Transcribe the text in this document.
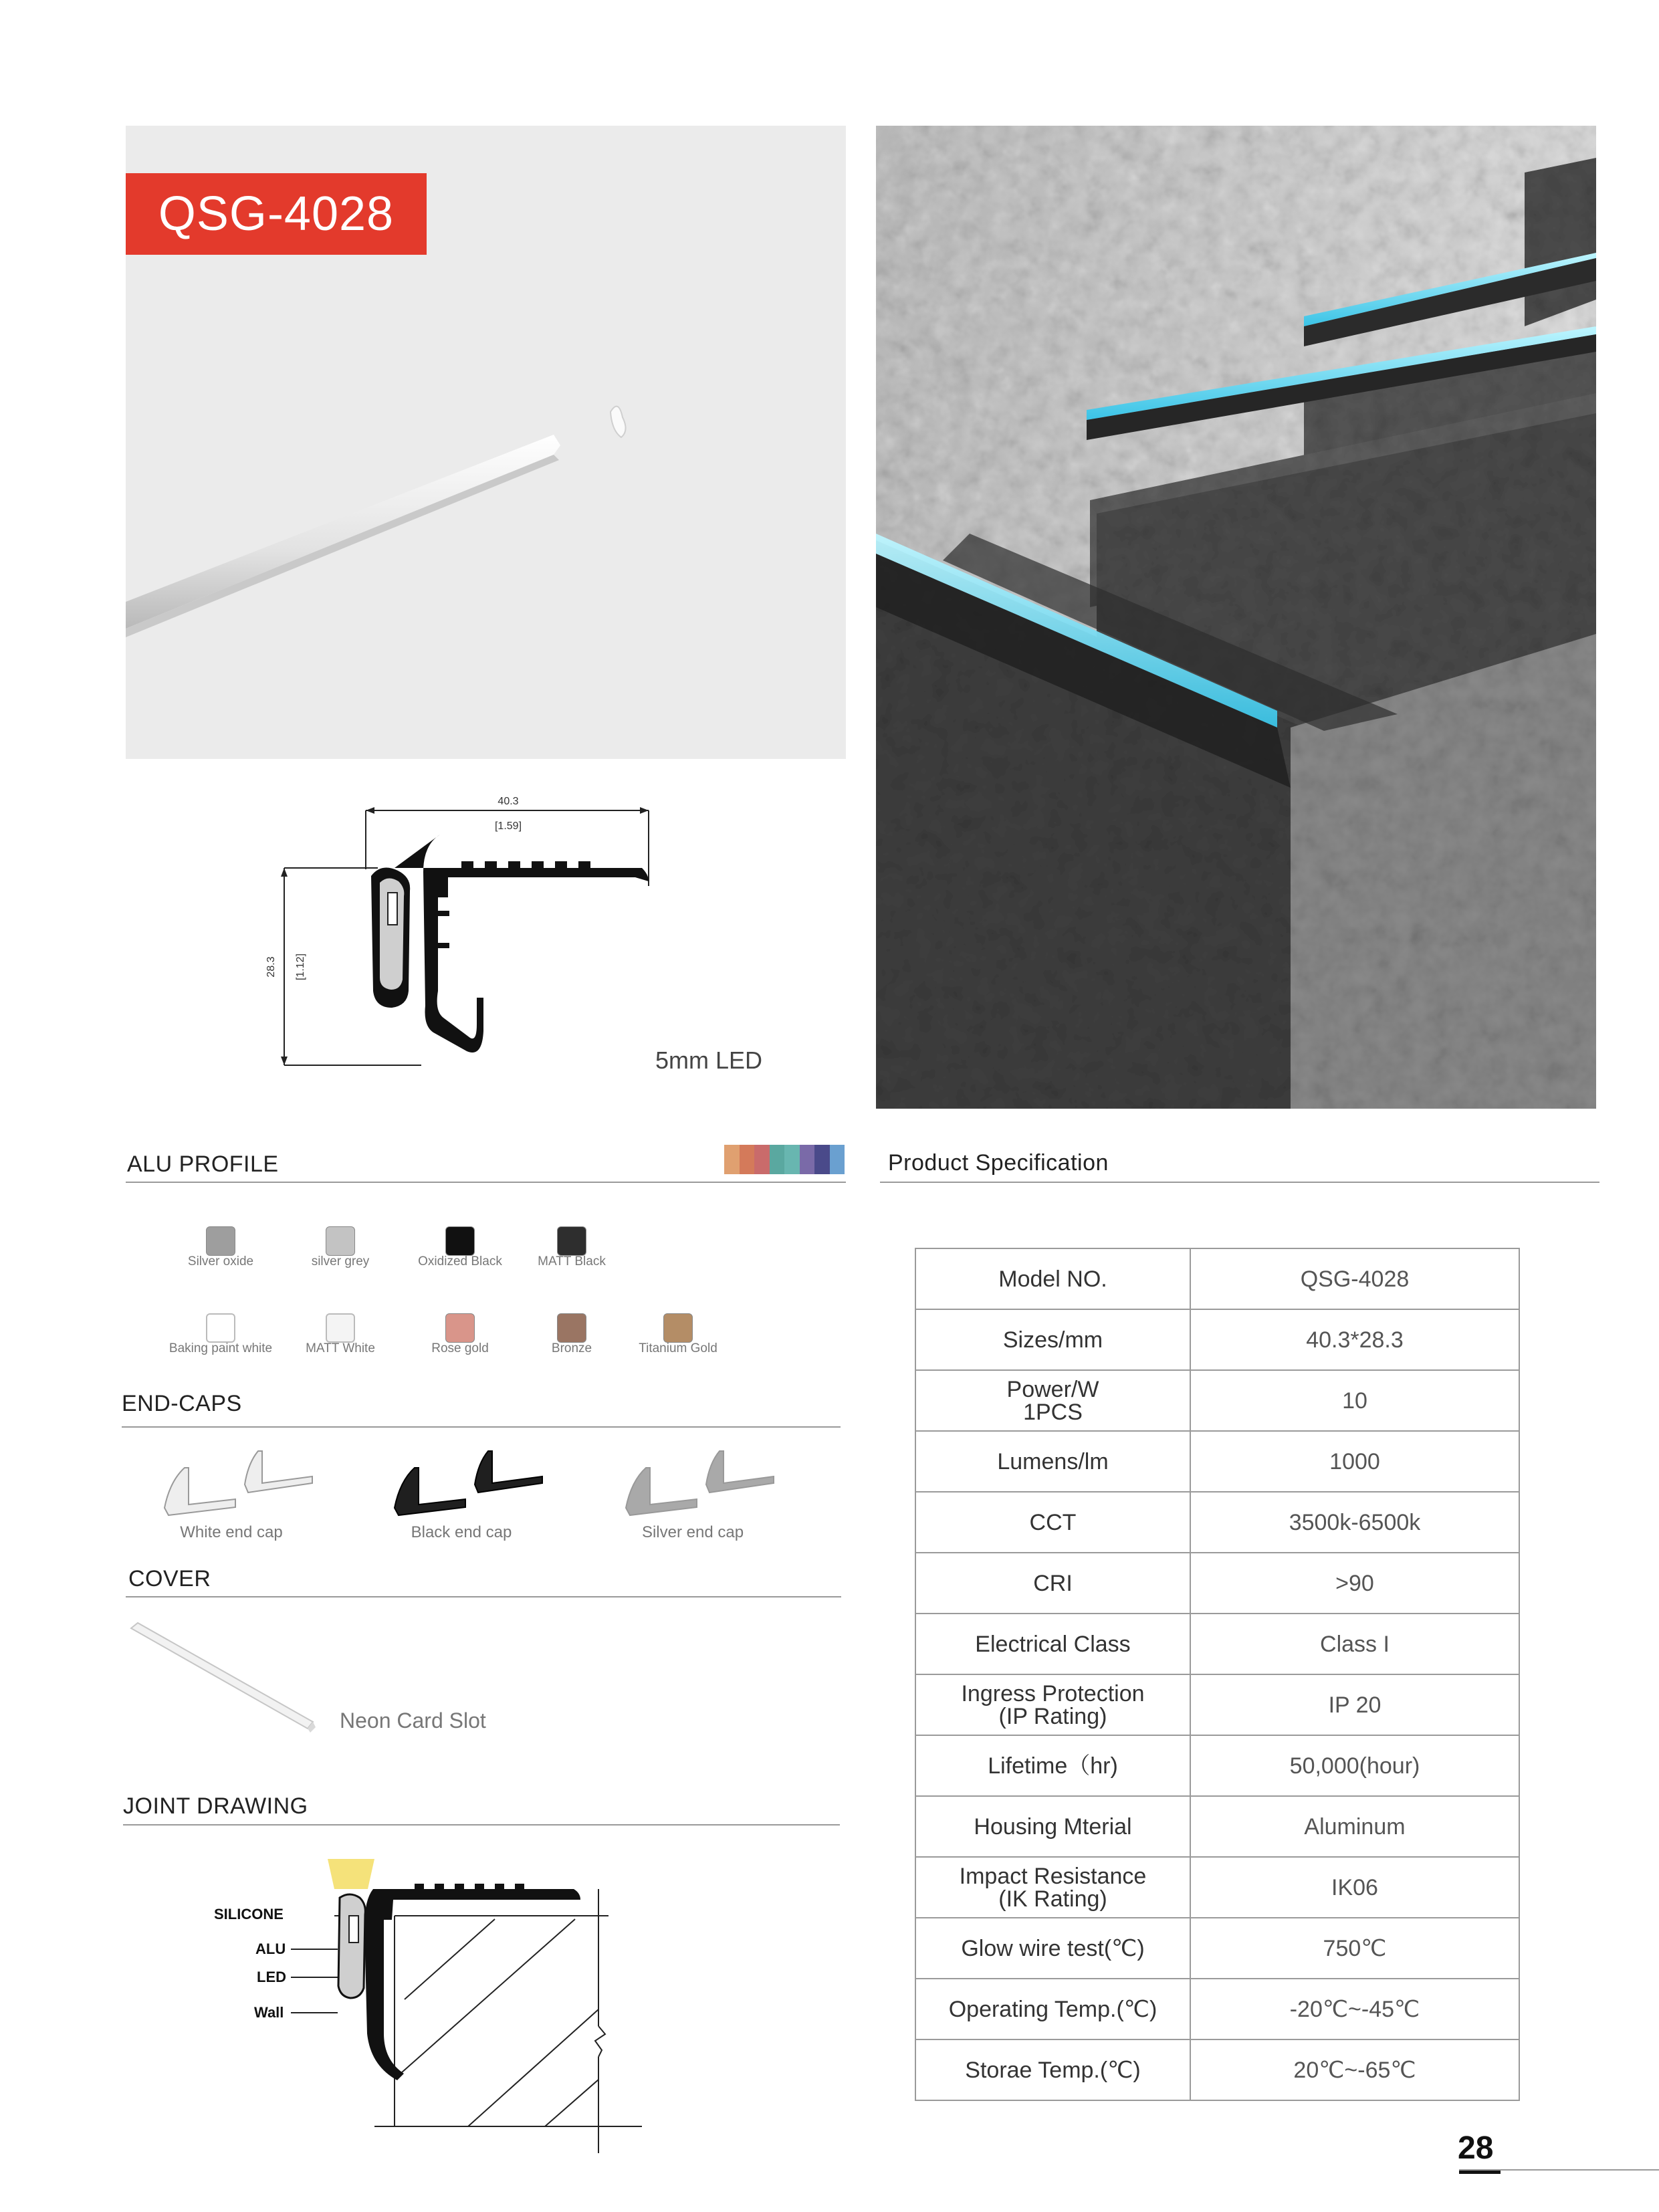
QSG-4028
40.3
[1.59]
28.3 [1.12]
5mm LED
ALU PROFILE
Silver oxide	silver grey	Oxidized Black	MATT Black
Baking paint white	MATT White	Rose gold	Bronze	Titanium Gold
END-CAPS
White end cap	Black end cap	Silver end cap
COVER
Neon Card Slot
JOINT DRAWING
SILICONE
ALU
LED
Wall
Product Specification
Model NO.	QSG-4028
Sizes/mm	40.3*28.3
Power/W
1PCS	10
Lumens/lm	1000
CCT	3500k-6500k
CRI	>90
Electrical Class	Class I
Ingress Protection
(IP Rating)	IP 20
Lifetime（hr)	50,000(hour)
Housing Mterial	Aluminum
Impact Resistance
(IK Rating)	IK06
Glow wire test(℃)	750℃
Operating Temp.(℃)	-20℃~-45℃
Storae Temp.(℃)	20℃~-65℃
28
